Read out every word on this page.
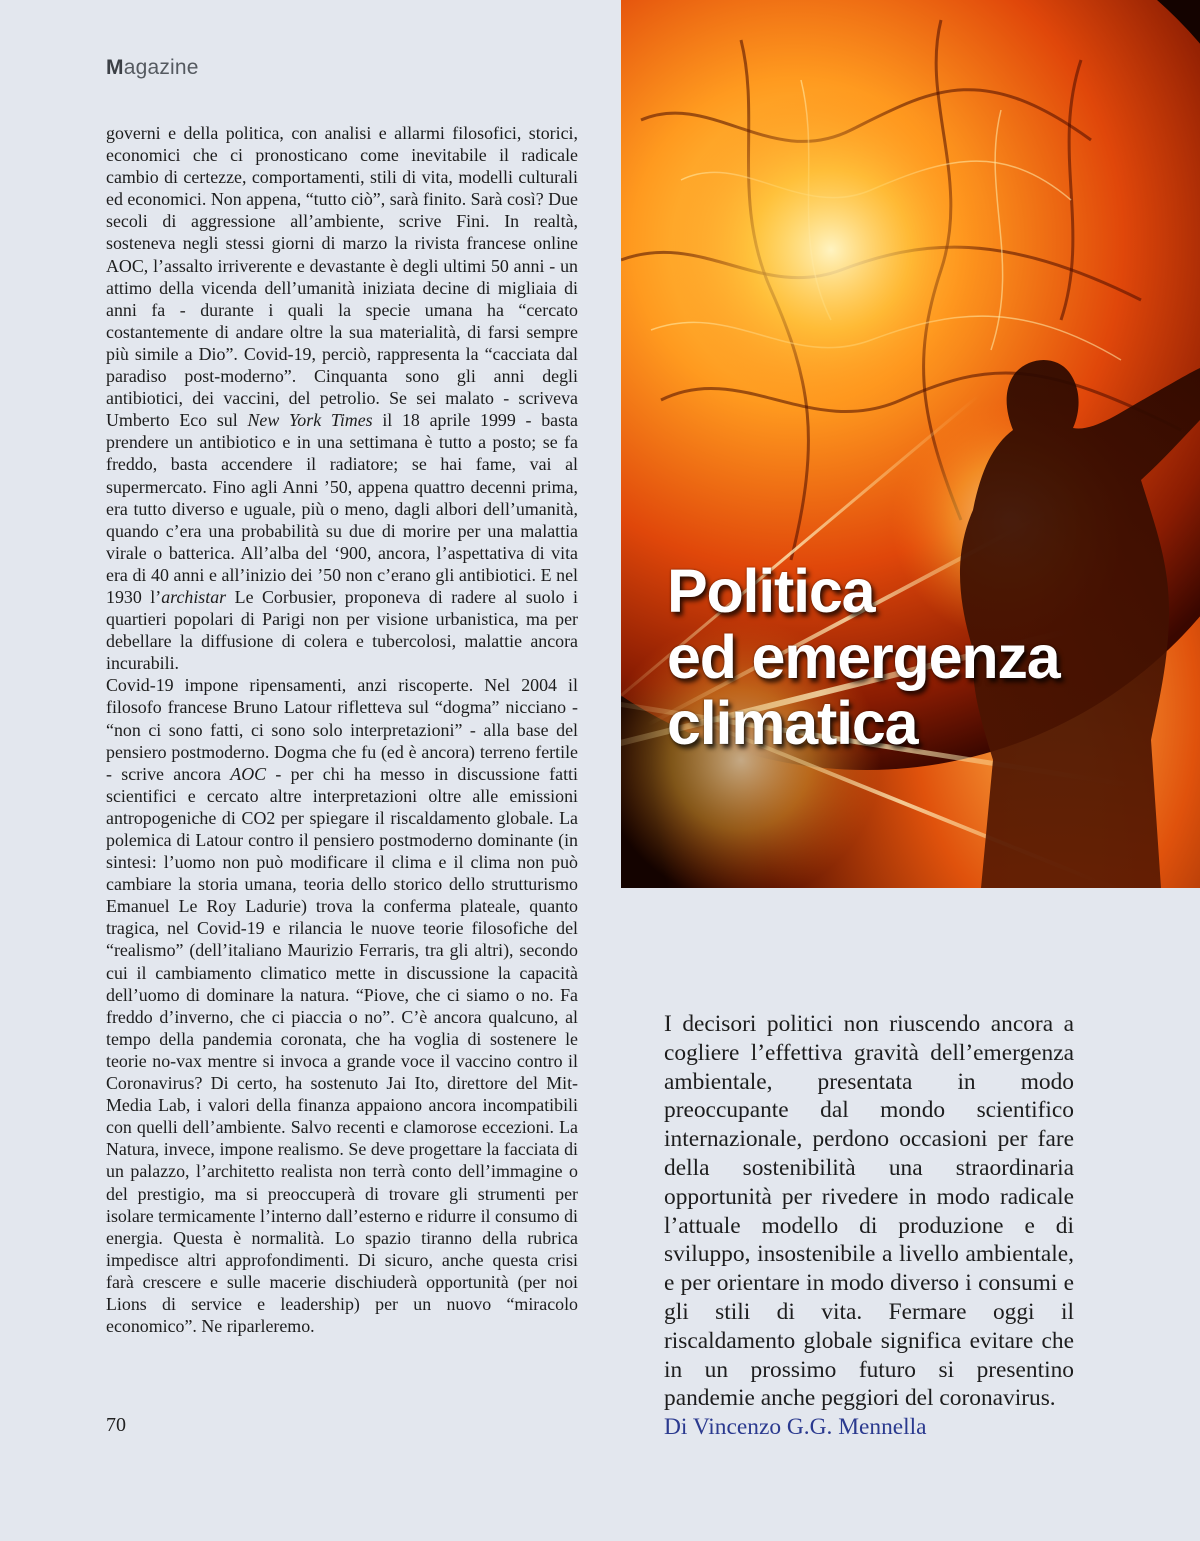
Magazine

governi e della politica, con analisi e allarmi filosofici, storici, economici che ci pronosticano come inevitabile il radicale cambio di certezze, comportamenti, stili di vita, modelli culturali ed economici. Non appena, “tutto ciò”, sarà finito. Sarà così? Due secoli di aggressione all’ambiente, scrive Fini. In realtà, sosteneva negli stessi giorni di marzo la rivista francese online AOC, l’assalto irriverente e devastante è degli ultimi 50 anni - un attimo della vicenda dell’umanità iniziata decine di migliaia di anni fa - durante i quali la specie umana ha “cercato costantemente di andare oltre la sua materialità, di farsi sempre più simile a Dio”. Covid-19, perciò, rappresenta la “cacciata dal paradiso post-moderno”. Cinquanta sono gli anni degli antibiotici, dei vaccini, del petrolio. Se sei malato - scriveva Umberto Eco sul New York Times il 18 aprile 1999 - basta prendere un antibiotico e in una settimana è tutto a posto; se fa freddo, basta accendere il radiatore; se hai fame, vai al supermercato. Fino agli Anni ’50, appena quattro decenni prima, era tutto diverso e uguale, più o meno, dagli albori dell’umanità, quando c’era una probabilità su due di morire per una malattia virale o batterica. All’alba del ‘900, ancora, l’aspettativa di vita era di 40 anni e all’inizio dei ’50 non c’erano gli antibiotici. E nel 1930 l’archistar Le Corbusier, proponeva di radere al suolo i quartieri popolari di Parigi non per visione urbanistica, ma per debellare la diffusione di colera e tubercolosi, malattie ancora incurabili.

Covid-19 impone ripensamenti, anzi riscoperte. Nel 2004 il filosofo francese Bruno Latour rifletteva sul “dogma” nicciano - “non ci sono fatti, ci sono solo interpretazioni” - alla base del pensiero postmoderno. Dogma che fu (ed è ancora) terreno fertile - scrive ancora AOC - per chi ha messo in discussione fatti scientifici e cercato altre interpretazioni oltre alle emissioni antropogeniche di CO2 per spiegare il riscaldamento globale. La polemica di Latour contro il pensiero postmoderno dominante (in sintesi: l’uomo non può modificare il clima e il clima non può cambiare la storia umana, teoria dello storico dello strutturismo Emanuel Le Roy Ladurie) trova la conferma plateale, quanto tragica, nel Covid-19 e rilancia le nuove teorie filosofiche del “realismo” (dell’italiano Maurizio Ferraris, tra gli altri), secondo cui il cambiamento climatico mette in discussione la capacità dell’uomo di dominare la natura. “Piove, che ci siamo o no. Fa freddo d’inverno, che ci piaccia o no”. C’è ancora qualcuno, al tempo della pandemia coronata, che ha voglia di sostenere le teorie no-vax mentre si invoca a grande voce il vaccino contro il Coronavirus? Di certo, ha sostenuto Jai Ito, direttore del Mit-Media Lab, i valori della finanza appaiono ancora incompatibili con quelli dell’ambiente. Salvo recenti e clamorose eccezioni. La Natura, invece, impone realismo. Se deve progettare la facciata di un palazzo, l’architetto realista non terrà conto dell’immagine o del prestigio, ma si preoccuperà di trovare gli strumenti per isolare termicamente l’interno dall’esterno e ridurre il consumo di energia. Questa è normalità. Lo spazio tiranno della rubrica impedisce altri approfondimenti. Di sicuro, anche questa crisi farà crescere e sulle macerie dischiuderà opportunità (per noi Lions di service e leadership) per un nuovo “miracolo economico”. Ne riparleremo.

70
Politica
ed emergenza
climatica

I decisori politici non riuscendo ancora a cogliere l’effettiva gravità dell’emergenza ambientale, presentata in modo preoccupante dal mondo scientifico internazionale, perdono occasioni per fare della sostenibilità una straordinaria opportunità per rivedere in modo radicale l’attuale modello di produzione e di sviluppo, insostenibile a livello ambientale, e per orientare in modo diverso i consumi e gli stili di vita. Fermare oggi il riscaldamento globale significa evitare che in un prossimo futuro si presentino pandemie anche peggiori del coronavirus.

Di Vincenzo G.G. Mennella
